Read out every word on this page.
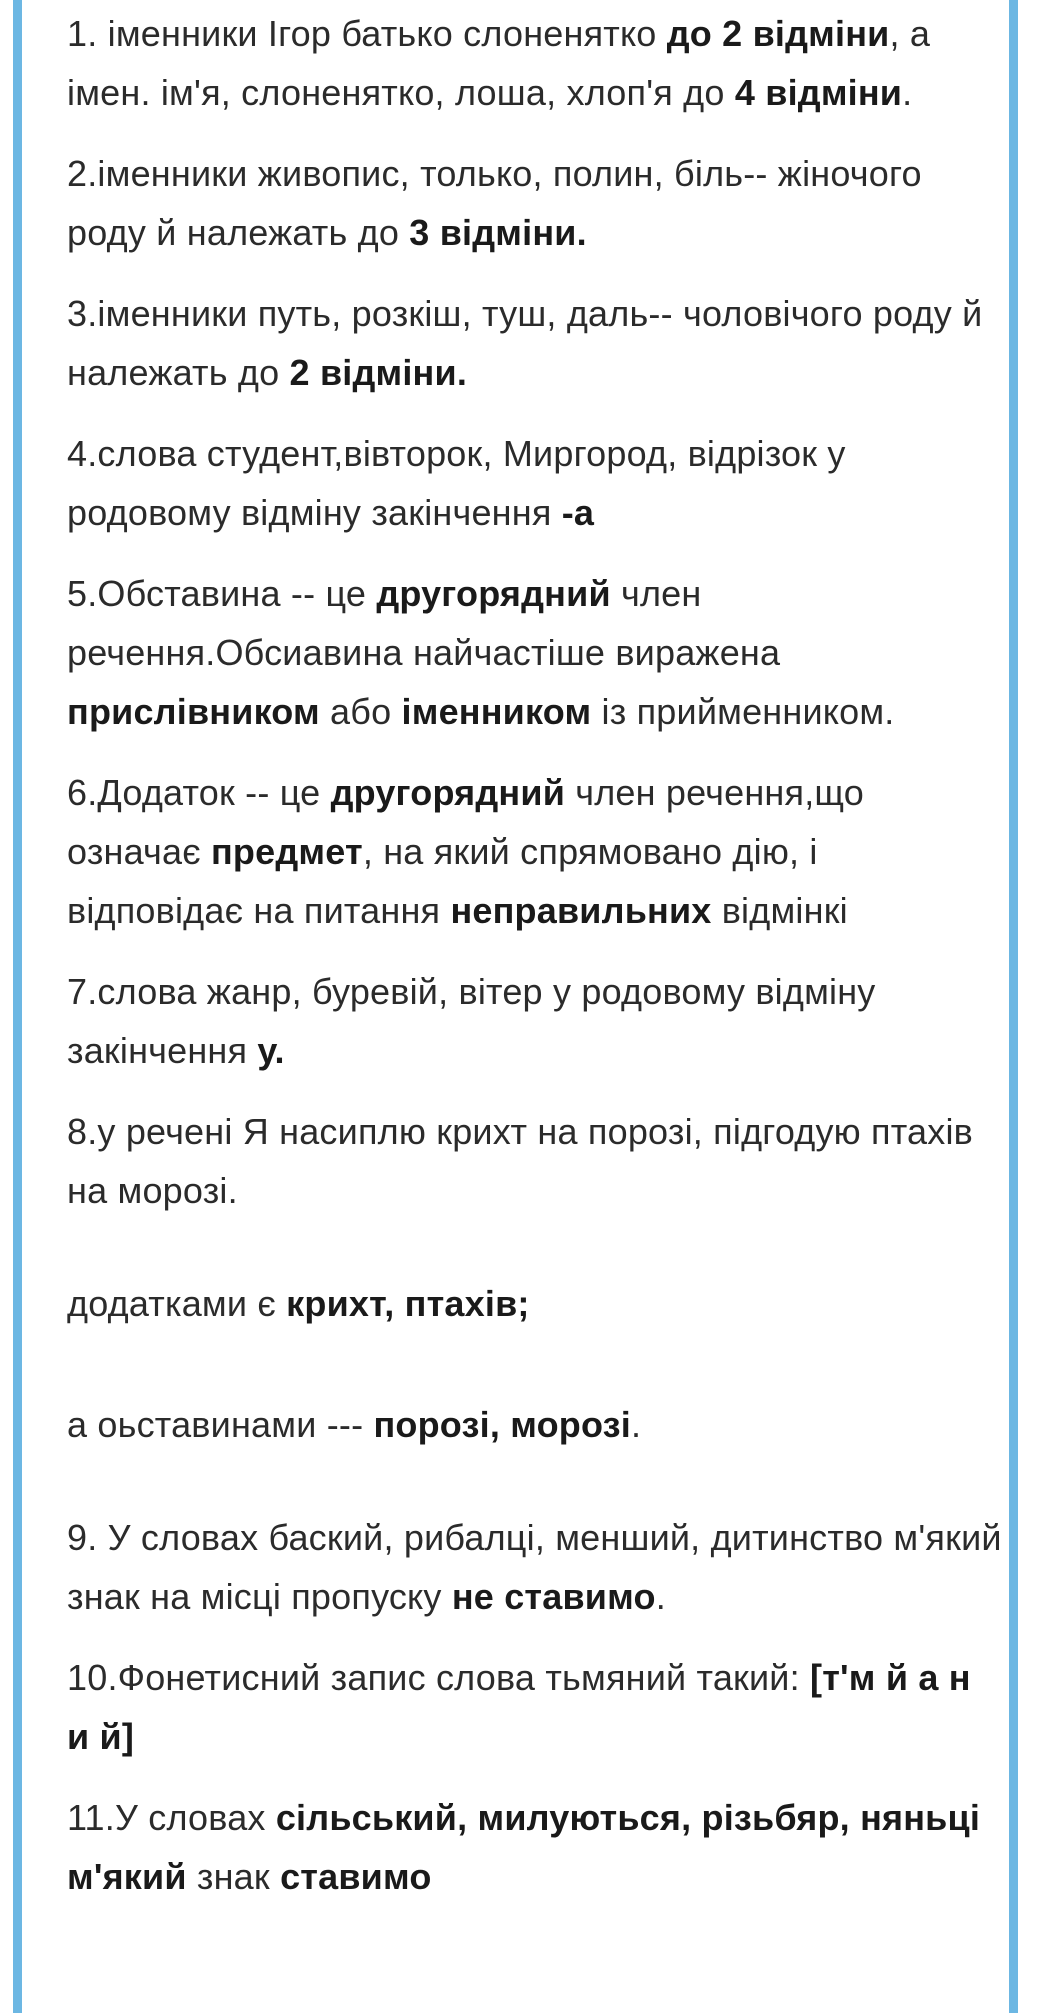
1. іменники Ігор батько слоненятко до 2 відміни, а імен. ім'я, слоненятко, лоша, хлоп'я до 4 відміни.

2.іменники живопис, только, полин, біль-- жіночого роду й належать до 3 відміни.

3.іменники путь, розкіш, туш, даль-- чоловічого роду й належать до 2 відміни.

4.слова студент,вівторок, Миргород, відрізок у родовому відміну закінчення -а

5.Обставина -- це другорядний член речення.Обсиавина найчастіше виражена прислівником або іменником із прийменником.

6.Додаток -- це другорядний член речення,що означає предмет, на який спрямовано дію, і відповідає на питання неправильних відмінкі

7.слова жанр, буревій, вітер у родовому відміну закінчення у.

8.у речені Я насиплю крихт на порозі, підгодую птахів на морозі.

додатками є крихт, птахів;

а оьставинами --- порозі, морозі.

9. У словах баский, рибалці, менший, дитинство м'який знак на місці пропуску не ставимо.

10.Фонетисний запис слова тьмяний такий: [т'м й а н и й]

11.У словах сільський, милуються, різьбяр, няньці м'який знак ставимо
